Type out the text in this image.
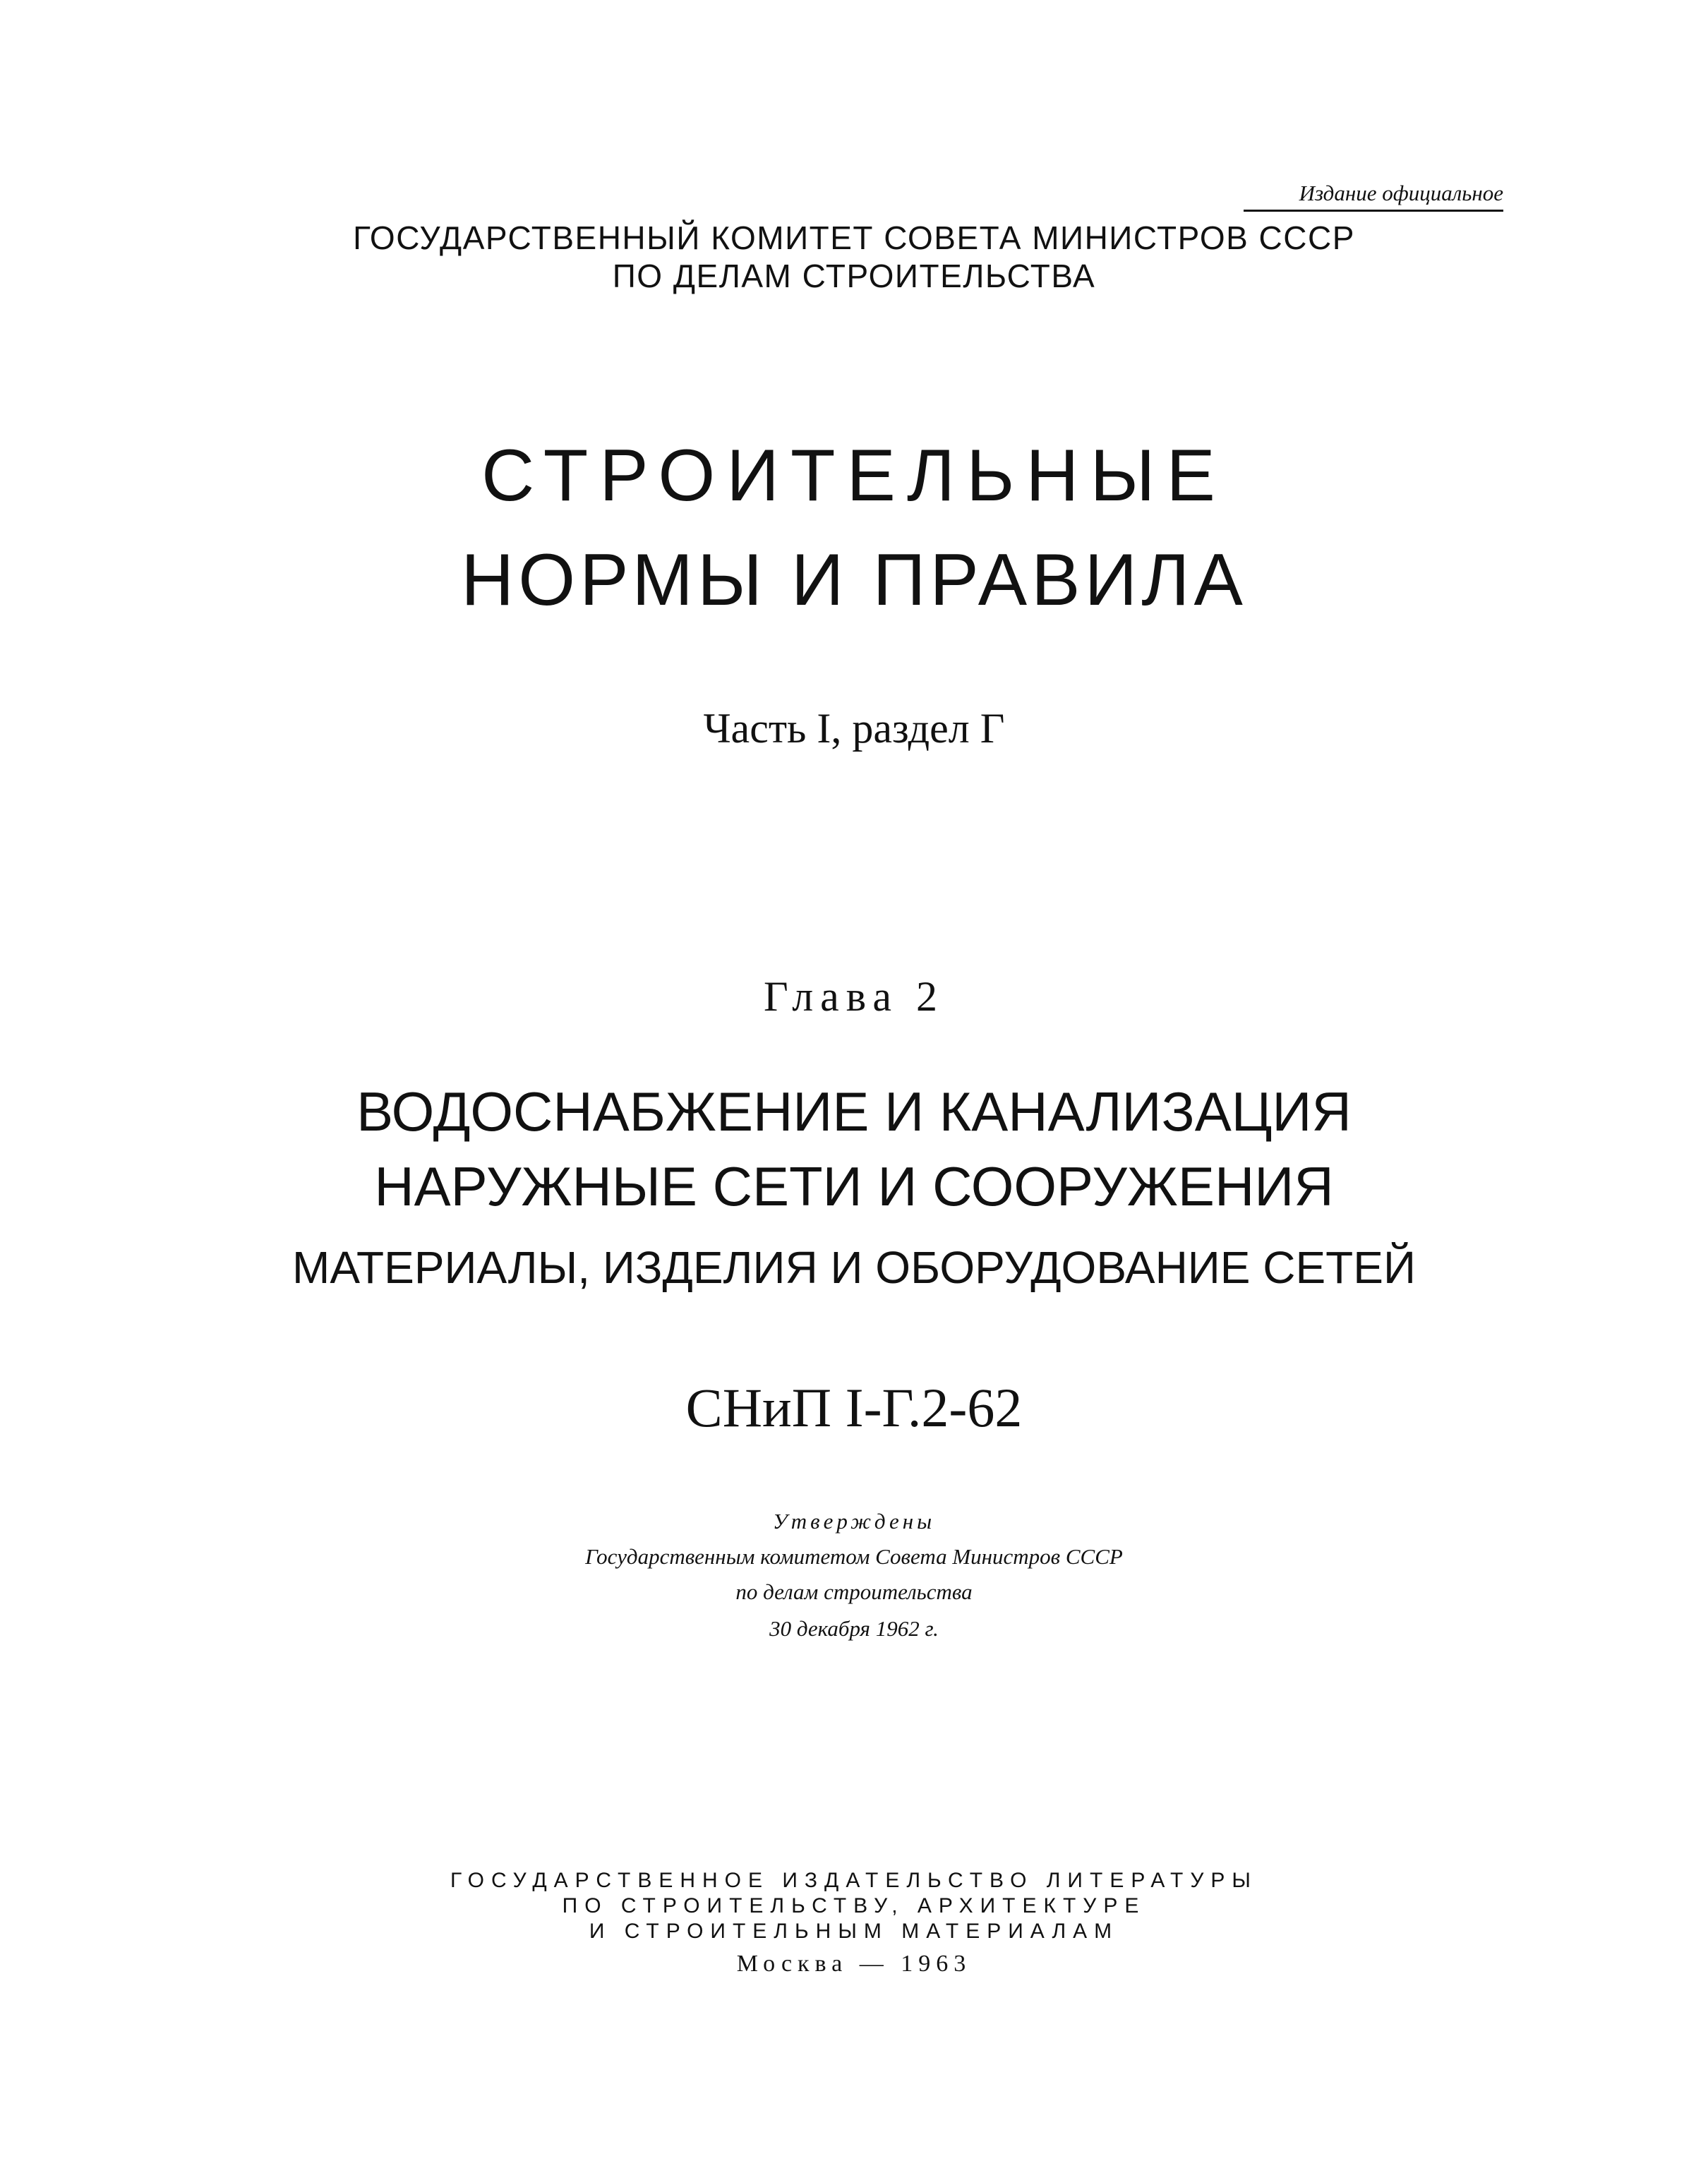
Издание официальное
ГОСУДАРСТВЕННЫЙ КОМИТЕТ СОВЕТА МИНИСТРОВ СССР
ПО ДЕЛАМ СТРОИТЕЛЬСТВА
СТРОИТЕЛЬНЫЕ
НОРМЫ И ПРАВИЛА
Часть I, раздел Г
Глава 2
ВОДОСНАБЖЕНИЕ И КАНАЛИЗАЦИЯ
НАРУЖНЫЕ СЕТИ И СООРУЖЕНИЯ
МАТЕРИАЛЫ, ИЗДЕЛИЯ И ОБОРУДОВАНИЕ СЕТЕЙ
СНиП I-Г.2-62
Утверждены
Государственным комитетом Совета Министров СССР
по делам строительства
30 декабря 1962 г.
ГОСУДАРСТВЕННОЕ ИЗДАТЕЛЬСТВО ЛИТЕРАТУРЫ
ПО СТРОИТЕЛЬСТВУ, АРХИТЕКТУРЕ
И СТРОИТЕЛЬНЫМ МАТЕРИАЛАМ
Москва — 1963
